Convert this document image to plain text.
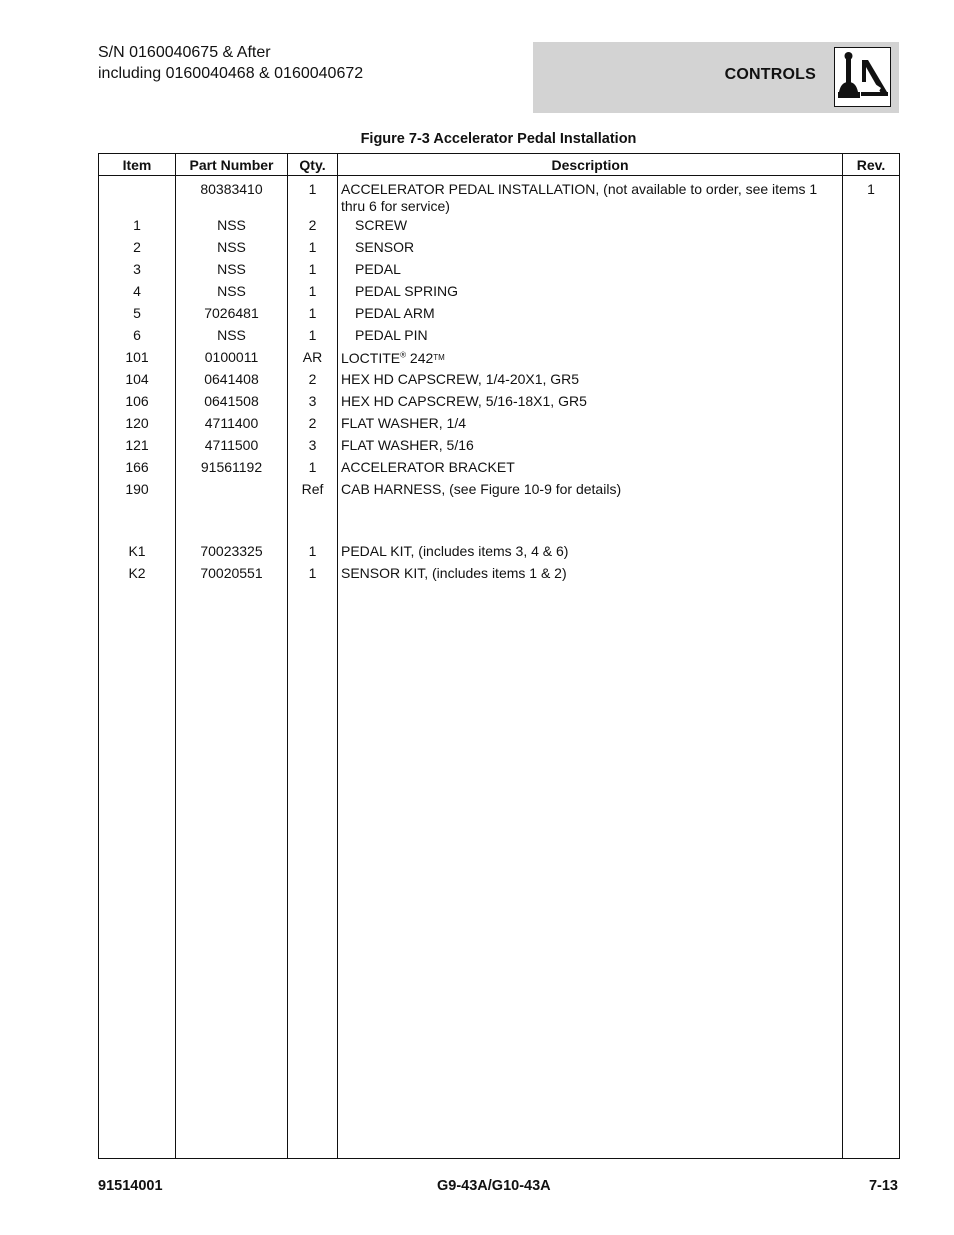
S/N 0160040675 & After
including 0160040468 & 0160040672	CONTROLS
Figure 7-3 Accelerator Pedal Installation
Item	Part Number	Qty.	Description	Rev.
	80383410	1	ACCELERATOR PEDAL INSTALLATION, (not available to order, see items 1 thru 6 for service)	1
1	NSS	2	SCREW	
2	NSS	1	SENSOR	
3	NSS	1	PEDAL	
4	NSS	1	PEDAL SPRING	
5	7026481	1	PEDAL ARM	
6	NSS	1	PEDAL PIN	
101	0100011	AR	LOCTITE® 242™	
104	0641408	2	HEX HD CAPSCREW, 1/4-20X1, GR5	
106	0641508	3	HEX HD CAPSCREW, 5/16-18X1, GR5	
120	4711400	2	FLAT WASHER, 1/4	
121	4711500	3	FLAT WASHER, 5/16	
166	91561192	1	ACCELERATOR BRACKET	
190		Ref	CAB HARNESS, (see Figure 10-9 for details)	

K1	70023325	1	PEDAL KIT, (includes items 3, 4 & 6)	
K2	70020551	1	SENSOR KIT, (includes items 1 & 2)	

91514001	G9-43A/G10-43A	7-13
